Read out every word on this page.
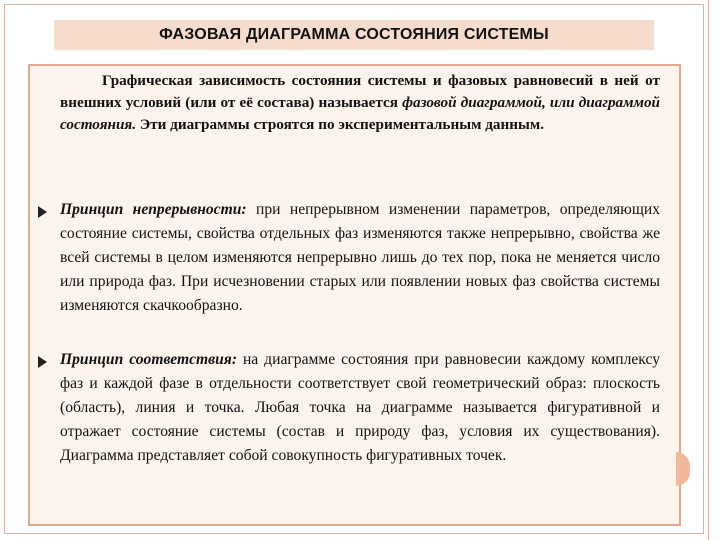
ФАЗОВАЯ ДИАГРАММА СОСТОЯНИЯ СИСТЕМЫ

Графическая зависимость состояния системы и фазовых равновесий в ней от внешних условий (или от её состава) называется фазовой диаграммой, или диаграммой состояния. Эти диаграммы строятся по экспериментальным данным.

Принцип непрерывности: при непрерывном изменении параметров, определяющих состояние системы, свойства отдельных фаз изменяются также непрерывно, свойства же всей системы в целом изменяются непрерывно лишь до тех пор, пока не меняется число или природа фаз. При исчезновении старых или появлении новых фаз свойства системы изменяются скачкообразно.

Принцип соответствия: на диаграмме состояния при равновесии каждому комплексу фаз и каждой фазе в отдельности соответствует свой геометрический образ: плоскость (область), линия и точка. Любая точка на диаграмме называется фигуративной и отражает состояние системы (состав и природу фаз, условия их существования). Диаграмма представляет собой совокупность фигуративных точек.
